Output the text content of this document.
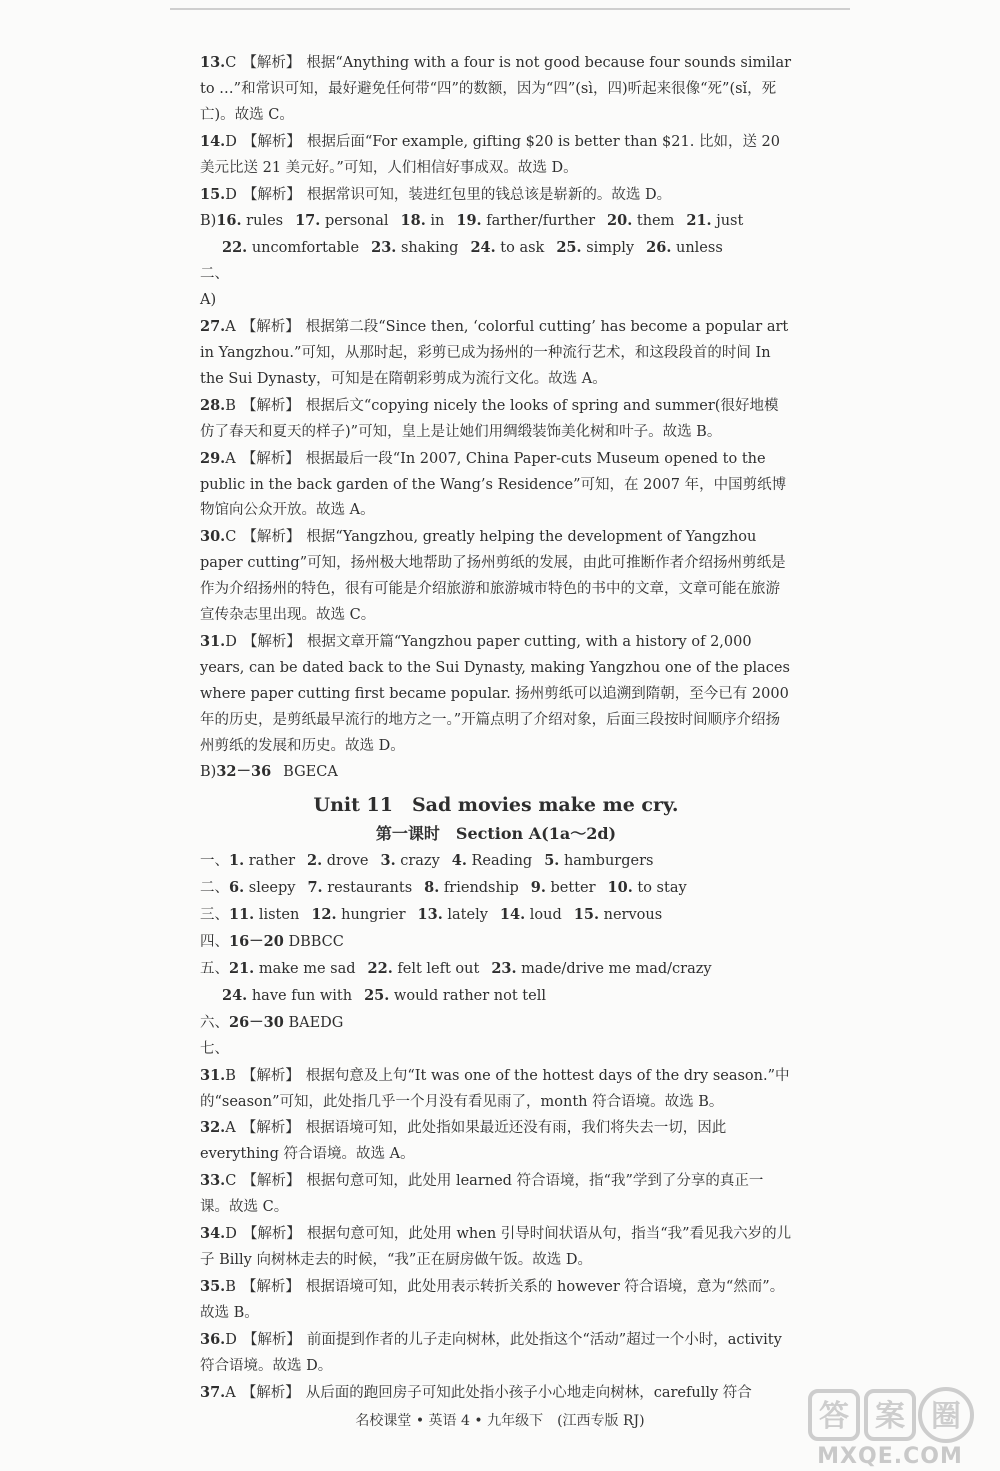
13.C 【解析】 根据“Anything with a four is not good because four sounds similar to …”和常识可知，最好避免任何带“四”的数额，因为“四”(sì，四)听起来很像“死”(sǐ，死亡)。故选 C。
14.D 【解析】 根据后面“For example, gifting $20 is better than $21. 比如，送 20 美元比送 21 美元好。”可知，人们相信好事成双。故选 D。
15.D 【解析】 根据常识可知，装进红包里的钱总该是崭新的。故选 D。
B)16. rules 17. personal 18. in 19. farther/further 20. them 21. just
22. uncomfortable 23. shaking 24. to ask 25. simply 26. unless
二、
A)
27.A 【解析】 根据第二段“Since then, ‘colorful cutting’ has become a popular art in Yangzhou.”可知，从那时起，彩剪已成为扬州的一种流行艺术，和这段段首的时间 In the Sui Dynasty，可知是在隋朝彩剪成为流行文化。故选 A。
28.B 【解析】 根据后文“copying nicely the looks of spring and summer(很好地模仿了春天和夏天的样子)”可知，皇上是让她们用绸缎装饰美化树和叶子。故选 B。
29.A 【解析】 根据最后一段“In 2007, China Paper-cuts Museum opened to the public in the back garden of the Wang’s Residence”可知，在 2007 年，中国剪纸博物馆向公众开放。故选 A。
30.C 【解析】 根据“Yangzhou, greatly helping the development of Yangzhou paper cutting”可知，扬州极大地帮助了扬州剪纸的发展，由此可推断作者介绍扬州剪纸是作为介绍扬州的特色，很有可能是介绍旅游和旅游城市特色的书中的文章，文章可能在旅游宣传杂志里出现。故选 C。
31.D 【解析】 根据文章开篇“Yangzhou paper cutting, with a history of 2,000 years, can be dated back to the Sui Dynasty, making Yangzhou one of the places where paper cutting first became popular. 扬州剪纸可以追溯到隋朝，至今已有 2000 年的历史，是剪纸最早流行的地方之一。”开篇点明了介绍对象，后面三段按时间顺序介绍扬州剪纸的发展和历史。故选 D。
B)32－36 BGECA
Unit 11　Sad movies make me cry.
第一课时　Section A(1a～2d)
一、1. rather 2. drove 3. crazy 4. Reading 5. hamburgers
二、6. sleepy 7. restaurants 8. friendship 9. better 10. to stay
三、11. listen 12. hungrier 13. lately 14. loud 15. nervous
四、16－20 DBBCC
五、21. make me sad 22. felt left out 23. made/drive me mad/crazy
24. have fun with 25. would rather not tell
六、26－30 BAEDG
七、
31.B 【解析】 根据句意及上句“It was one of the hottest days of the dry season.”中的“season”可知，此处指几乎一个月没有看见雨了，month 符合语境。故选 B。
32.A 【解析】 根据语境可知，此处指如果最近还没有雨，我们将失去一切，因此 everything 符合语境。故选 A。
33.C 【解析】 根据句意可知，此处用 learned 符合语境，指“我”学到了分享的真正一课。故选 C。
34.D 【解析】 根据句意可知，此处用 when 引导时间状语从句，指当“我”看见我六岁的儿子 Billy 向树林走去的时候，“我”正在厨房做午饭。故选 D。
35.B 【解析】 根据语境可知，此处用表示转折关系的 however 符合语境，意为“然而”。故选 B。
36.D 【解析】 前面提到作者的儿子走向树林，此处指这个“活动”超过一个小时，activity 符合语境。故选 D。
37.A 【解析】 从后面的跑回房子可知此处指小孩子小心地走向树林，carefully 符合
名校课堂 • 英语 4 • 九年级下　(江西专版 RJ)	答 案 圈
MXQE.COM
